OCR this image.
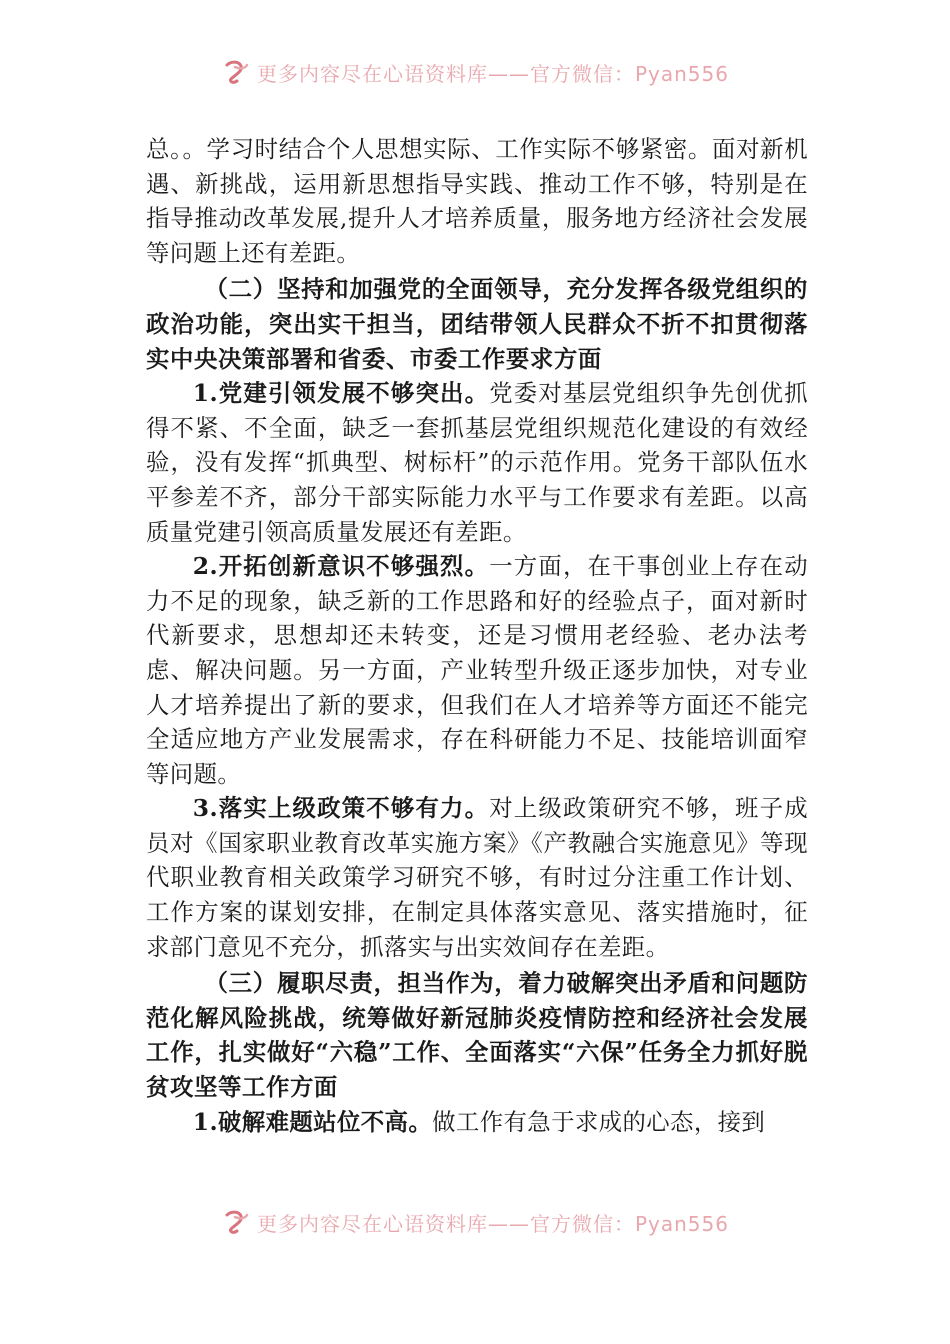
更多内容尽在心语资料库——官方微信：Pyan556

总。。学习时结合个人思想实际、工作实际不够紧密。面对新机遇、新挑战，运用新思想指导实践、推动工作不够，特别是在指导推动改革发展,提升人才培养质量，服务地方经济社会发展等问题上还有差距。

（二）坚持和加强党的全面领导，充分发挥各级党组织的政治功能，突出实干担当，团结带领人民群众不折不扣贯彻落实中央决策部署和省委、市委工作要求方面

1.党建引领发展不够突出。党委对基层党组织争先创优抓得不紧、不全面，缺乏一套抓基层党组织规范化建设的有效经验，没有发挥“抓典型、树标杆”的示范作用。党务干部队伍水平参差不齐，部分干部实际能力水平与工作要求有差距。以高质量党建引领高质量发展还有差距。

2.开拓创新意识不够强烈。一方面，在干事创业上存在动力不足的现象，缺乏新的工作思路和好的经验点子，面对新时代新要求，思想却还未转变，还是习惯用老经验、老办法考虑、解决问题。另一方面，产业转型升级正逐步加快，对专业人才培养提出了新的要求，但我们在人才培养等方面还不能完全适应地方产业发展需求，存在科研能力不足、技能培训面窄等问题。

3.落实上级政策不够有力。对上级政策研究不够，班子成员对《国家职业教育改革实施方案》《产教融合实施意见》等现代职业教育相关政策学习研究不够，有时过分注重工作计划、工作方案的谋划安排，在制定具体落实意见、落实措施时，征求部门意见不充分，抓落实与出实效间存在差距。

（三）履职尽责，担当作为，着力破解突出矛盾和问题防范化解风险挑战，统筹做好新冠肺炎疫情防控和经济社会发展工作，扎实做好“六稳”工作、全面落实“六保”任务全力抓好脱贫攻坚等工作方面

1.破解难题站位不高。做工作有急于求成的心态，接到

更多内容尽在心语资料库——官方微信：Pyan556
